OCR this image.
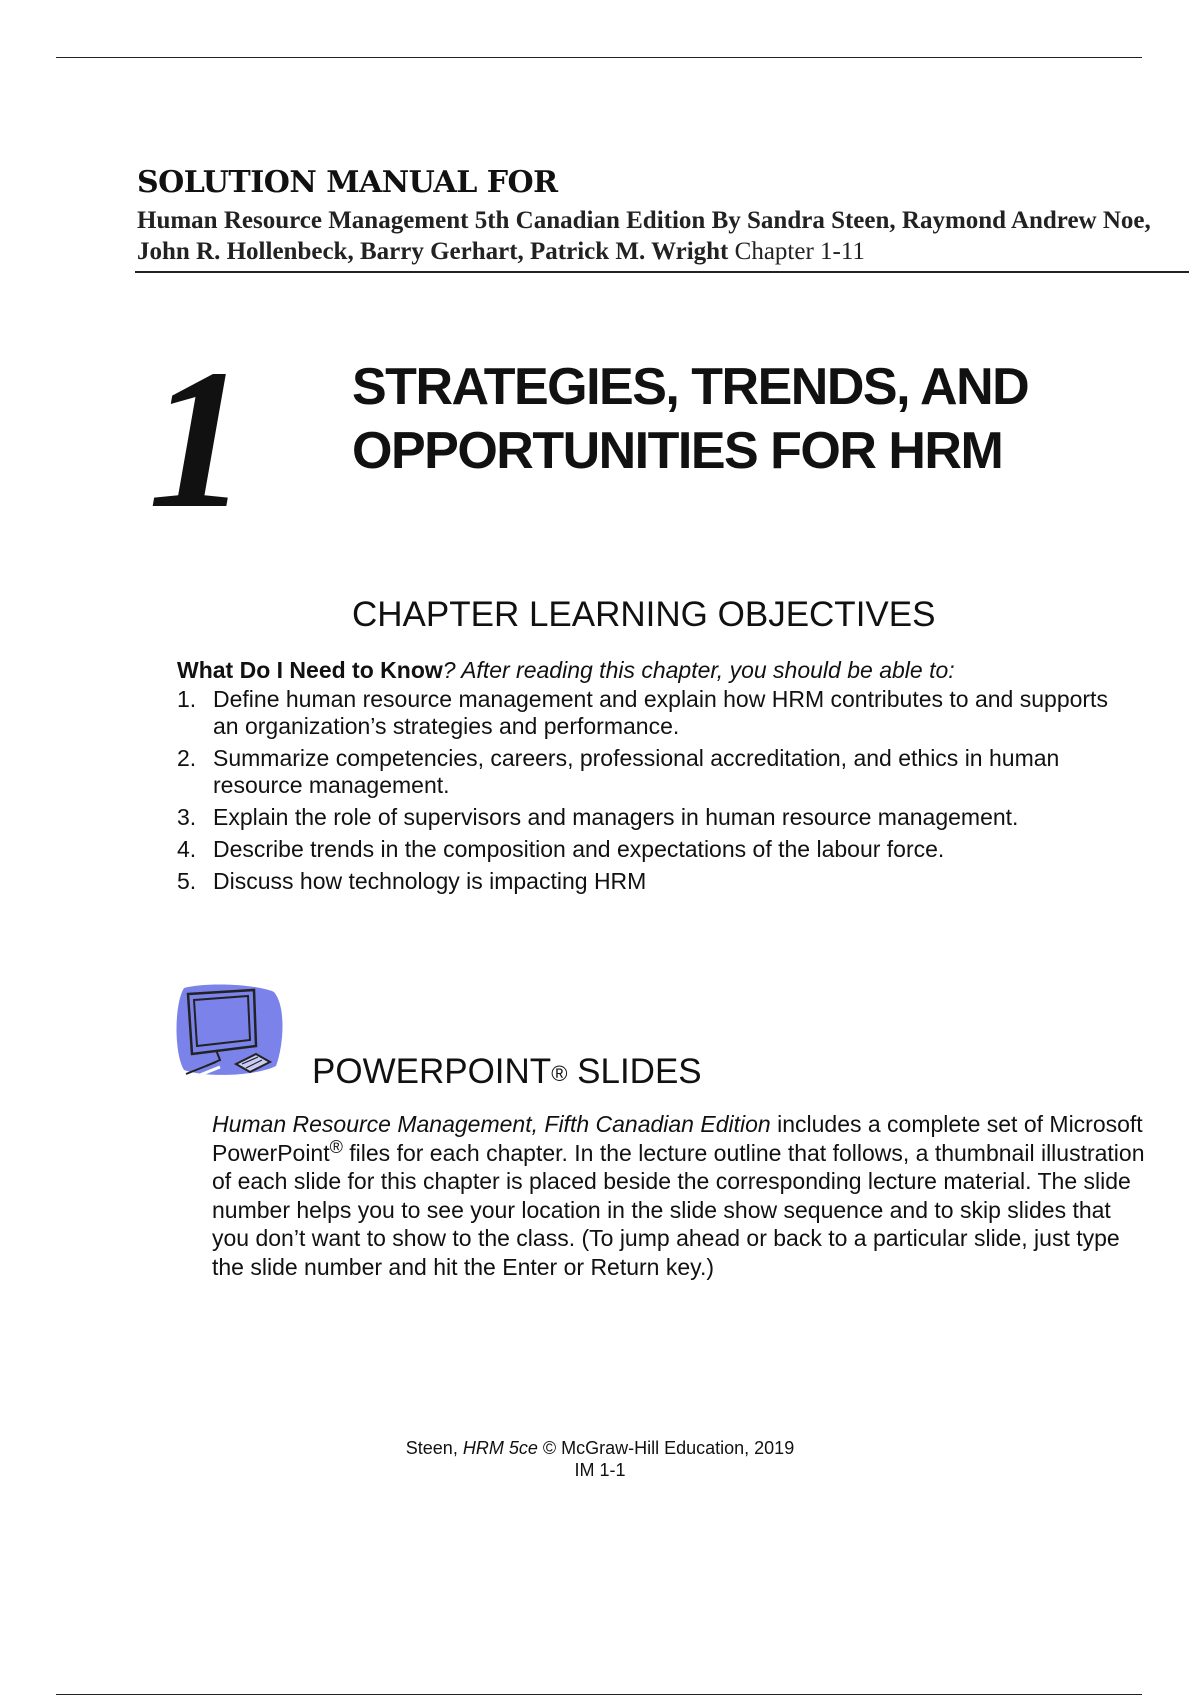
SOLUTION MANUAL FOR
Human Resource Management 5th Canadian Edition By Sandra Steen, Raymond Andrew Noe, John R. Hollenbeck, Barry Gerhart, Patrick M. Wright Chapter 1-11
1 STRATEGIES, TRENDS, AND
OPPORTUNITIES FOR HRM
CHAPTER LEARNING OBJECTIVES
What Do I Need to Know? After reading this chapter, you should be able to:
1. Define human resource management and explain how HRM contributes to and supports an organization’s strategies and performance.
2. Summarize competencies, careers, professional accreditation, and ethics in human resource management.
3. Explain the role of supervisors and managers in human resource management.
4. Describe trends in the composition and expectations of the labour force.
5. Discuss how technology is impacting HRM
POWERPOINT® SLIDES
Human Resource Management, Fifth Canadian Edition includes a complete set of Microsoft PowerPoint® files for each chapter. In the lecture outline that follows, a thumbnail illustration of each slide for this chapter is placed beside the corresponding lecture material. The slide number helps you to see your location in the slide show sequence and to skip slides that you don’t want to show to the class. (To jump ahead or back to a particular slide, just type the slide number and hit the Enter or Return key.)
Steen, HRM 5ce © McGraw-Hill Education, 2019
IM 1-1
